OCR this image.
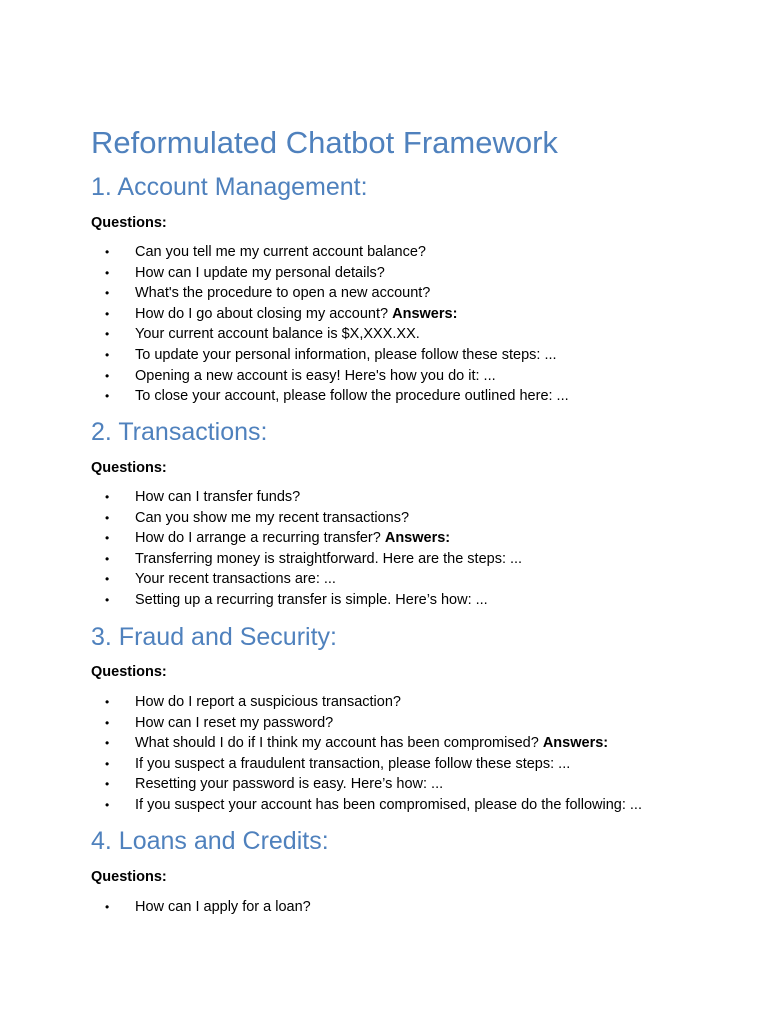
Reformulated Chatbot Framework
1. Account Management:
Questions:
• Can you tell me my current account balance?
• How can I update my personal details?
• What's the procedure to open a new account?
• How do I go about closing my account? Answers:
• Your current account balance is $X,XXX.XX.
• To update your personal information, please follow these steps: ...
• Opening a new account is easy! Here's how you do it: ...
• To close your account, please follow the procedure outlined here: ...
2. Transactions:
Questions:
• How can I transfer funds?
• Can you show me my recent transactions?
• How do I arrange a recurring transfer? Answers:
• Transferring money is straightforward. Here are the steps: ...
• Your recent transactions are: ...
• Setting up a recurring transfer is simple. Here’s how: ...
3. Fraud and Security:
Questions:
• How do I report a suspicious transaction?
• How can I reset my password?
• What should I do if I think my account has been compromised? Answers:
• If you suspect a fraudulent transaction, please follow these steps: ...
• Resetting your password is easy. Here’s how: ...
• If you suspect your account has been compromised, please do the following: ...
4. Loans and Credits:
Questions:
• How can I apply for a loan?
